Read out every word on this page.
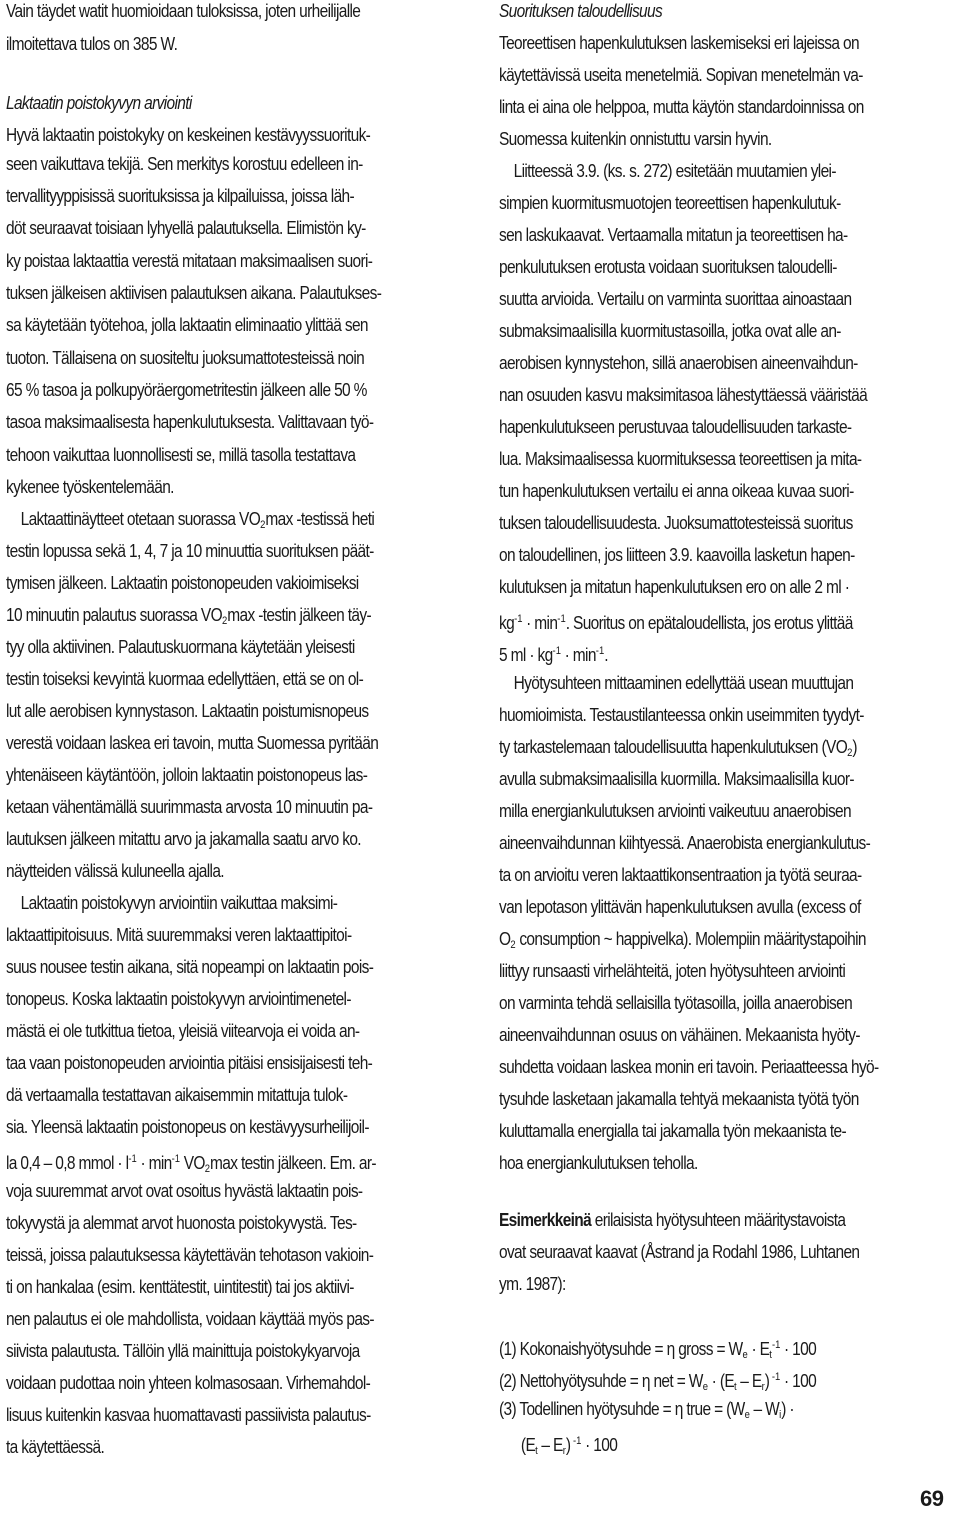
Vain täydet watit huomioidaan tuloksissa, joten urheilijalle
ilmoitettava tulos on 385 W.
Laktaatin poistokyvyn arviointi
Hyvä laktaatin poistokyky on keskeinen kestävyyssuorituk-
seen vaikuttava tekijä. Sen merkitys korostuu edelleen in-
tervallityyppisissä suorituksissa ja kilpailuissa, joissa läh-
döt seuraavat toisiaan lyhyellä palautuksella. Elimistön ky-
ky poistaa laktaattia verestä mitataan maksimaalisen suori-
tuksen jälkeisen aktiivisen palautuksen aikana. Palautukses-
sa käytetään työtehoa, jolla laktaatin eliminaatio ylittää sen
tuoton. Tällaisena on suositeltu juoksumattotesteissä noin
65 % tasoa ja polkupyöräergometritestin jälkeen alle 50 %
tasoa maksimaalisesta hapenkulutuksesta. Valittavaan työ-
tehoon vaikuttaa luonnollisesti se, millä tasolla testattava
kykenee työskentelemään.
Laktaattinäytteet otetaan suorassa $VO_2\max$ -testissä heti
testin lopussa sekä 1, 4, 7 ja 10 minuuttia suorituksen päät-
tymisen jälkeen. Laktaatin poistonopeuden vakioimiseksi
10 minuutin palautus suorassa $VO_2\max$ -testin jälkeen täy-
tyy olla aktiivinen. Palautuskuormana käytetään yleisesti
testin toiseksi kevyintä kuormaa edellyttäen, että se on ol-
lut alle aerobisen kynnystason. Laktaatin poistumisnopeus
verestä voidaan laskea eri tavoin, mutta Suomessa pyritään
yhtenäiseen käytäntöön, jolloin laktaatin poistonopeus las-
ketaan vähentämällä suurimmasta arvosta 10 minuutin pa-
lautuksen jälkeen mitattu arvo ja jakamalla saatu arvo ko.
näytteiden välissä kuluneella ajalla.
Laktaatin poistokyvyn arviointiin vaikuttaa maksimi-
laktaattipitoisuus. Mitä suuremmaksi veren laktaattipitoi-
suus nousee testin aikana, sitä nopeampi on laktaatin pois-
tonopeus. Koska laktaatin poistokyvyn arviointimenetel-
mästä ei ole tutkittua tietoa, yleisiä viitearvoja ei voida an-
taa vaan poistonopeuden arviointia pitäisi ensisijaisesti teh-
dä vertaamalla testattavan aikaisemmin mitattuja tulok-
sia. Yleensä laktaatin poistonopeus on kestävyysurheilijoil-
la 0,4 – 0,8 mmol · $l^{-1} \cdot \min^{-1} VO_2\max$ testin jälkeen. Em. ar-
voja suuremmat arvot ovat osoitus hyvästä laktaatin pois-
tokyvystä ja alemmat arvot huonosta poistokyvystä. Tes-
teissä, joissa palautuksessa käytettävän tehotason vakioin-
ti on hankalaa (esim. kenttätestit, uintitestit) tai jos aktiivi-
nen palautus ei ole mahdollista, voidaan käyttää myös pas-
siivista palautusta. Tällöin yllä mainittuja poistokykyarvoja
voidaan pudottaa noin yhteen kolmasosaan. Virhemahdol-
lisuus kuitenkin kasvaa huomattavasti passiivista palautus-
ta käytettäessä.
Suorituksen taloudellisuus
Teoreettisen hapenkulutuksen laskemiseksi eri lajeissa on
käytettävissä useita menetelmiä. Sopivan menetelmän va-
linta ei aina ole helppoa, mutta käytön standardoinnissa on
Suomessa kuitenkin onnistuttu varsin hyvin.
Liitteessä 3.9. (ks. s. 272) esitetään muutamien ylei-
simpien kuormitusmuotojen teoreettisen hapenkulutuk-
sen laskukaavat. Vertaamalla mitatun ja teoreettisen ha-
penkulutuksen erotusta voidaan suorituksen taloudelli-
suutta arvioida. Vertailu on varminta suorittaa ainoastaan
submaksimaalisilla kuormitustasoilla, jotka ovat alle an-
aerobisen kynnystehon, sillä anaerobisen aineenvaihdun-
nan osuuden kasvu maksimitasoa lähestyttäessä vääristää
hapenkulutukseen perustuvaa taloudellisuuden tarkaste-
lua. Maksimaalisessa kuormituksessa teoreettisen ja mita-
tun hapenkulutuksen vertailu ei anna oikeaa kuvaa suori-
tuksen taloudellisuudesta. Juoksumattotesteissä suoritus
on taloudellinen, jos liitteen 3.9. kaavoilla lasketun hapen-
kulutuksen ja mitatun hapenkulutuksen ero on alle 2 ml ·
$kg^{-1} \cdot \min^{-1}$. Suoritus on epätaloudellista, jos erotus ylittää
5 ml · $kg^{-1} \cdot \min^{-1}$.
Hyötysuhteen mittaaminen edellyttää usean muuttujan
huomioimista. Testaustilanteessa onkin useimmiten tyydyt-
ty tarkastelemaan taloudellisuutta hapenkulutuksen $(VO_2)$
avulla submaksimaalisilla kuormilla. Maksimaalisilla kuor-
milla energiankulutuksen arviointi vaikeutuu anaerobisen
aineenvaihdunnan kiihtyessä. Anaerobista energiankulutus-
ta on arvioitu veren laktaattikonsentraation ja työtä seuraa-
van lepotason ylittävän hapenkulutuksen avulla (excess of
$O_2$ consumption ~ happivelka). Molempiin määritystapoihin
liittyy runsaasti virhelähteitä, joten hyötysuhteen arviointi
on varminta tehdä sellaisilla työtasoilla, joilla anaerobisen
aineenvaihdunnan osuus on vähäinen. Mekaanista hyöty-
suhdetta voidaan laskea monin eri tavoin. Periaatteessa hyö-
tysuhde lasketaan jakamalla tehtyä mekaanista työtä työn
kuluttamalla energialla tai jakamalla työn mekaanista te-
hoa energiankulutuksen teholla.
Esimerkkeinä erilaisista hyötysuhteen määritystavoista
ovat seuraavat kaavat (Åstrand ja Rodahl 1986, Luhtanen
ym. 1987):
(1) Kokonaishyötysuhde = η gross = $W_e \cdot E_t^{-1} \cdot 100$
(2) Nettohyötysuhde = η net = $W_e \cdot (E_t - E_r) ^{-1} \cdot 100$
(3) Todellinen hyötysuhde = η true = $(W_e - W_i)$ ·
$(E_t - E_r) ^{-1} \cdot 100$
69
